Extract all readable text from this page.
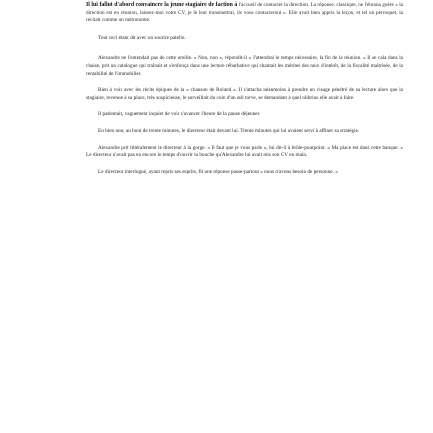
Il lui fallut d'abord convaincre la jeune stagiaire de faction à l'accueil de contacter la direction. La réponse, classique, ne l'étonna guère « la direction est en réunion, laissez-moi votre CV, je le leur transmettrai, ils vous contacteront ». Elle avait bien appris la leçon, et tel un perroquet, la récitait comme un métronome.

Tout ceci étant dit avec un sourire patelin.

Alexandre ne l'entendait pas de cette oreille. « Non, non », répondit-il « J'attendrai le temps nécessaire, la fin de la réunion. » Il se cala dans la chaise, prit un catalogue qui traînait et s'enfonça dans une lecture rébarbative qui chantait les mérites des taux d'intérêt, de la fiscalité maîtrisée, de la rentabilité de l'immobilier.

Rien à voir avec les récits épiques de la « chanson de Roland ». Il s'attacha néanmoins à prendre un visage pénétré de sa lecture alors que la stagiaire, revenue à sa place, très suspicieuse, le surveillait du coin d'un œil torve, se demandant à quel olibrius elle avait à faire.

Il patientait, vaguement inquiet de voir s'avancer l'heure de la pause déjeuner.

En bien non, au bout de trente minutes, le directeur était devant lui. Trente minutes qui lui avaient servi à affiner sa stratégie.

Alexandre prit littéralement le directeur à la gorge. « Il faut que je vous parle », lui dit-il à brûle-pourpoint. « Ma place est dans cette banque. » Le directeur n'avait pas eu encore le temps d'ouvrir la bouche qu'Alexandre lui avait mis son CV en main.

Le directeur interlogué, ayant repris ses esprits, fit une réponse passe-partout « nous n'avons besoin de personne. »
